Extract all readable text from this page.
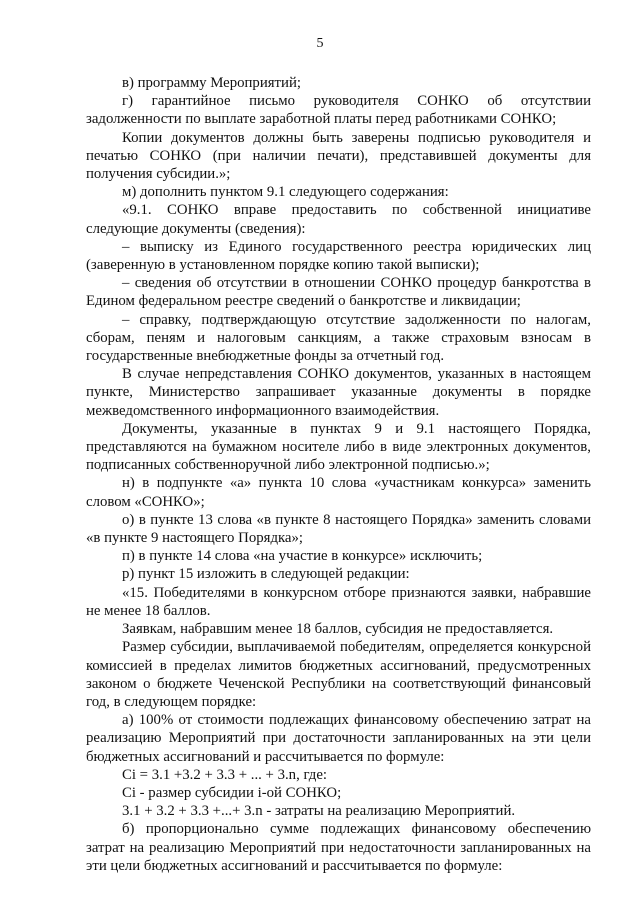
5

в) программу Мероприятий;

г) гарантийное письмо руководителя СОНКО об отсутствии задолженности по выплате заработной платы перед работниками СОНКО;

Копии документов должны быть заверены подписью руководителя и печатью СОНКО (при наличии печати), представившей документы для получения субсидии.»;

м) дополнить пунктом 9.1 следующего содержания:

«9.1. СОНКО вправе предоставить по собственной инициативе следующие документы (сведения):

– выписку из Единого государственного реестра юридических лиц (заверенную в установленном порядке копию такой выписки);

– сведения об отсутствии в отношении СОНКО процедур банкротства в Едином федеральном реестре сведений о банкротстве и ликвидации;

– справку, подтверждающую отсутствие задолженности по налогам, сборам, пеням и налоговым санкциям, а также страховым взносам в государственные внебюджетные фонды за отчетный год.

В случае непредставления СОНКО документов, указанных в настоящем пункте, Министерство запрашивает указанные документы в порядке межведомственного информационного взаимодействия.

Документы, указанные в пунктах 9 и 9.1 настоящего Порядка, представляются на бумажном носителе либо в виде электронных документов, подписанных собственноручной либо электронной подписью.»;

н) в подпункте «а» пункта 10 слова «участникам конкурса» заменить словом «СОНКО»;

о) в пункте 13 слова «в пункте 8 настоящего Порядка» заменить словами «в пункте 9 настоящего Порядка»;

п) в пункте 14 слова «на участие в конкурсе» исключить;

р) пункт 15 изложить в следующей редакции:

«15. Победителями в конкурсном отборе признаются заявки, набравшие не менее 18 баллов.

Заявкам, набравшим менее 18 баллов, субсидия не предоставляется.

Размер субсидии, выплачиваемой победителям, определяется конкурсной комиссией в пределах лимитов бюджетных ассигнований, предусмотренных законом о бюджете Чеченской Республики на соответствующий финансовый год, в следующем порядке:

а) 100% от стоимости подлежащих финансовому обеспечению затрат на реализацию Мероприятий при достаточности запланированных на эти цели бюджетных ассигнований и рассчитывается по формуле:

Ci = 3.1 +3.2 + 3.3 + ... + 3.n, где:

Ci - размер субсидии i-ой СОНКО;

3.1 + 3.2 + 3.3 +...+ 3.n - затраты на реализацию Мероприятий.

б) пропорционально сумме подлежащих финансовому обеспечению затрат на реализацию Мероприятий при недостаточности запланированных на эти цели бюджетных ассигнований и рассчитывается по формуле:
